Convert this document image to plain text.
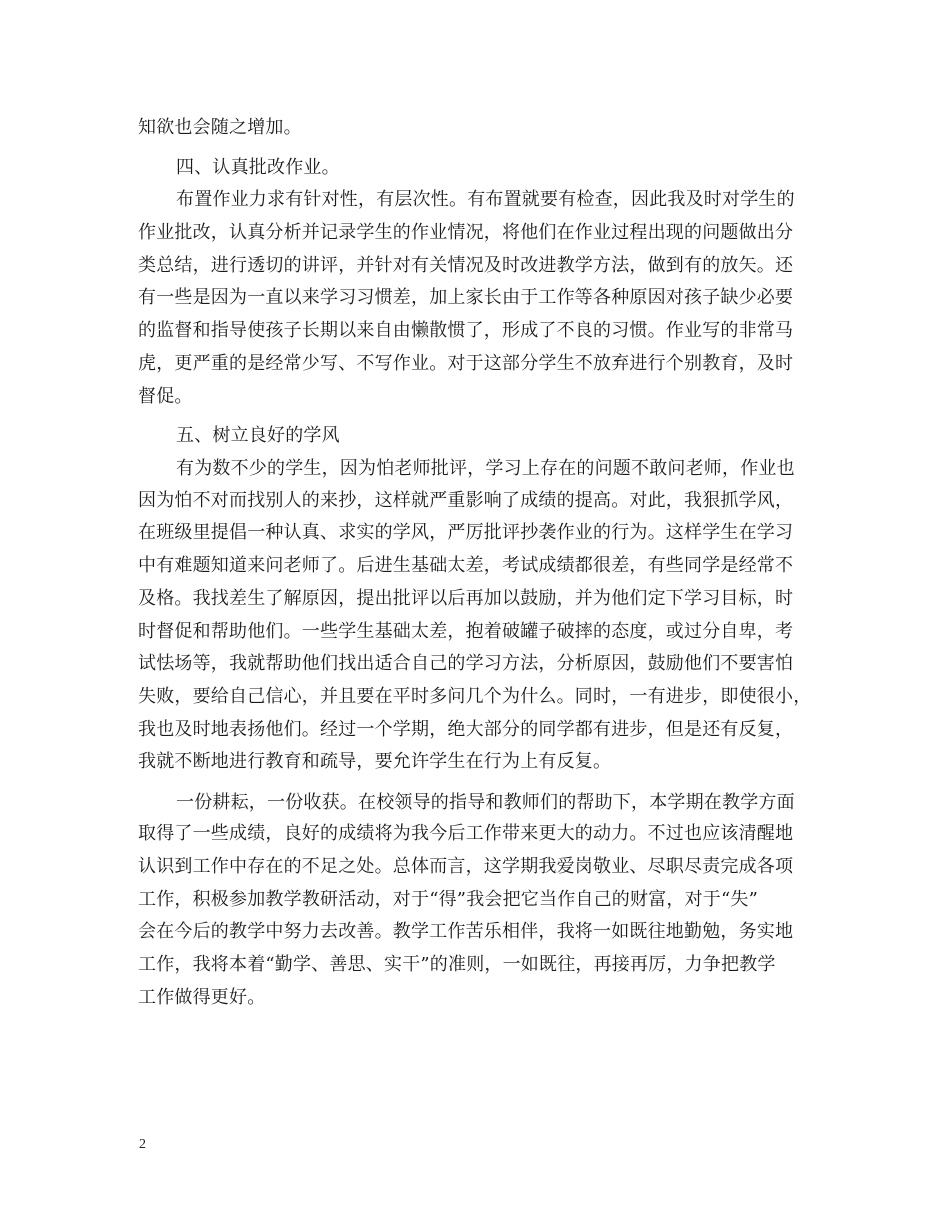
知欲也会随之增加。
四、认真批改作业。
布置作业力求有针对性，有层次性。有布置就要有检查，因此我及时对学生的
作业批改，认真分析并记录学生的作业情况，将他们在作业过程出现的问题做出分
类总结，进行透切的讲评，并针对有关情况及时改进教学方法，做到有的放矢。还
有一些是因为一直以来学习习惯差，加上家长由于工作等各种原因对孩子缺少必要
的监督和指导使孩子长期以来自由懒散惯了，形成了不良的习惯。作业写的非常马
虎，更严重的是经常少写、不写作业。对于这部分学生不放弃进行个别教育，及时
督促。
五、树立良好的学风
有为数不少的学生，因为怕老师批评，学习上存在的问题不敢问老师，作业也
因为怕不对而找别人的来抄，这样就严重影响了成绩的提高。对此，我狠抓学风，
在班级里提倡一种认真、求实的学风，严厉批评抄袭作业的行为。这样学生在学习
中有难题知道来问老师了。后进生基础太差，考试成绩都很差，有些同学是经常不
及格。我找差生了解原因，提出批评以后再加以鼓励，并为他们定下学习目标，时
时督促和帮助他们。一些学生基础太差，抱着破罐子破摔的态度，或过分自卑，考
试怯场等，我就帮助他们找出适合自己的学习方法，分析原因，鼓励他们不要害怕
失败，要给自己信心，并且要在平时多问几个为什么。同时，一有进步，即使很小，
我也及时地表扬他们。经过一个学期，绝大部分的同学都有进步，但是还有反复，
我就不断地进行教育和疏导，要允许学生在行为上有反复。
一份耕耘，一份收获。在校领导的指导和教师们的帮助下，本学期在教学方面
取得了一些成绩，良好的成绩将为我今后工作带来更大的动力。不过也应该清醒地
认识到工作中存在的不足之处。总体而言，这学期我爱岗敬业、尽职尽责完成各项
工作，积极参加教学教研活动，对于“得”我会把它当作自己的财富，对于“失”
会在今后的教学中努力去改善。教学工作苦乐相伴，我将一如既往地勤勉，务实地
工作，我将本着“勤学、善思、实干”的准则，一如既往，再接再厉，力争把教学
工作做得更好。
2
